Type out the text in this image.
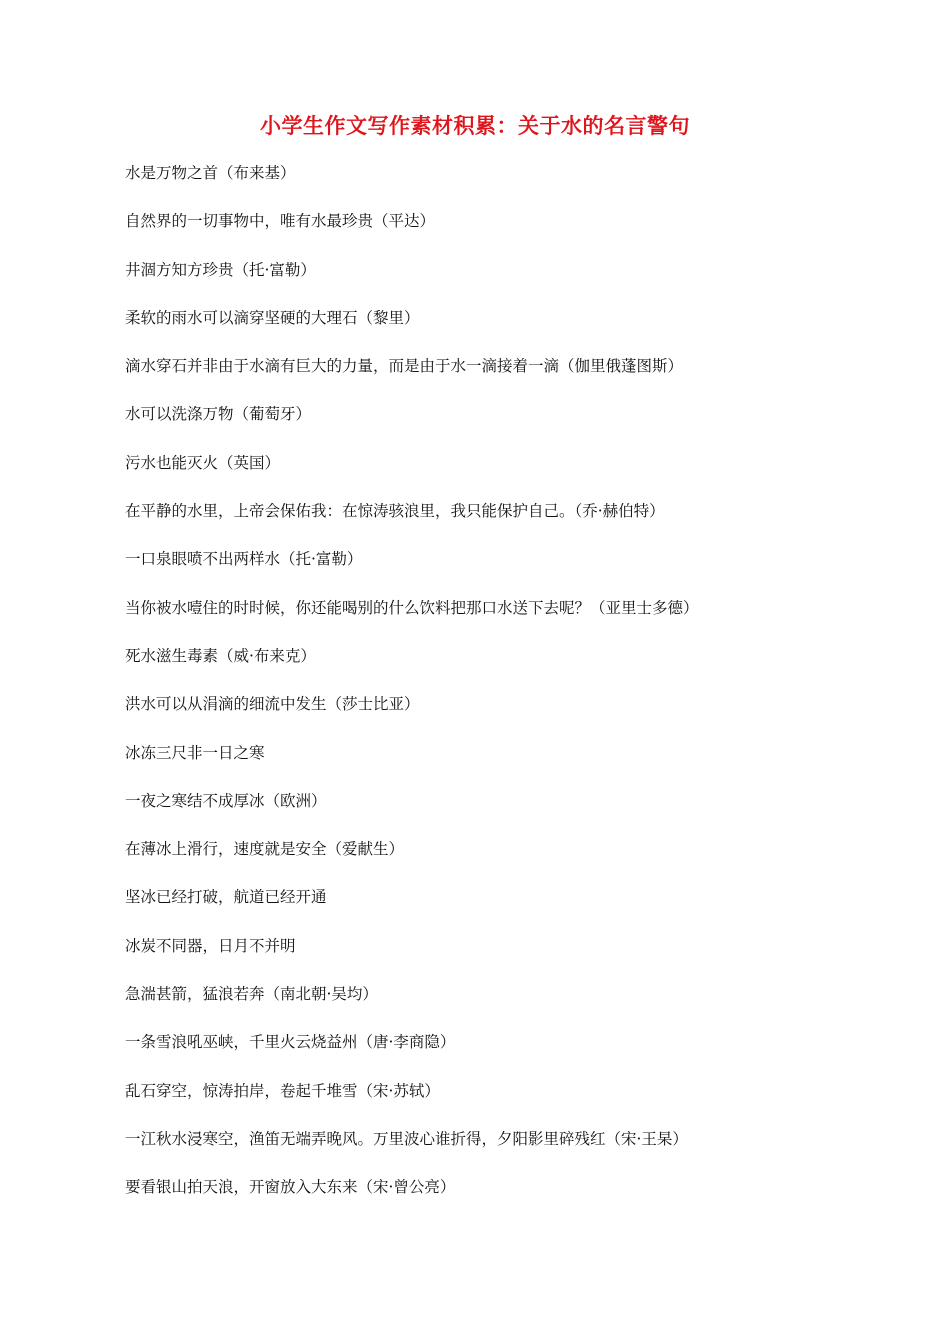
小学生作文写作素材积累：关于水的名言警句
水是万物之首（布来基）
自然界的一切事物中，唯有水最珍贵（平达）
井涸方知方珍贵（托·富勒）
柔软的雨水可以滴穿坚硬的大理石（黎里）
滴水穿石并非由于水滴有巨大的力量，而是由于水一滴接着一滴（伽里俄蓬图斯）
水可以洗涤万物（葡萄牙）
污水也能灭火（英国）
在平静的水里，上帝会保佑我：在惊涛骇浪里，我只能保护自己。（乔·赫伯特）
一口泉眼喷不出两样水（托·富勒）
当你被水噎住的时时候，你还能喝别的什么饮料把那口水送下去呢？（亚里士多德）
死水滋生毒素（威·布来克）
洪水可以从涓滴的细流中发生（莎士比亚）
冰冻三尺非一日之寒
一夜之寒结不成厚冰（欧洲）
在薄冰上滑行，速度就是安全（爱献生）
坚冰已经打破，航道已经开通
冰炭不同器，日月不并明
急湍甚箭，猛浪若奔（南北朝·吴均）
一条雪浪吼巫峡，千里火云烧益州（唐·李商隐）
乱石穿空，惊涛拍岸，卷起千堆雪（宋·苏轼）
一江秋水浸寒空，渔笛无端弄晚风。万里波心谁折得，夕阳影里碎残红（宋·王杲）
要看银山拍天浪，开窗放入大东来（宋·曾公亮）
